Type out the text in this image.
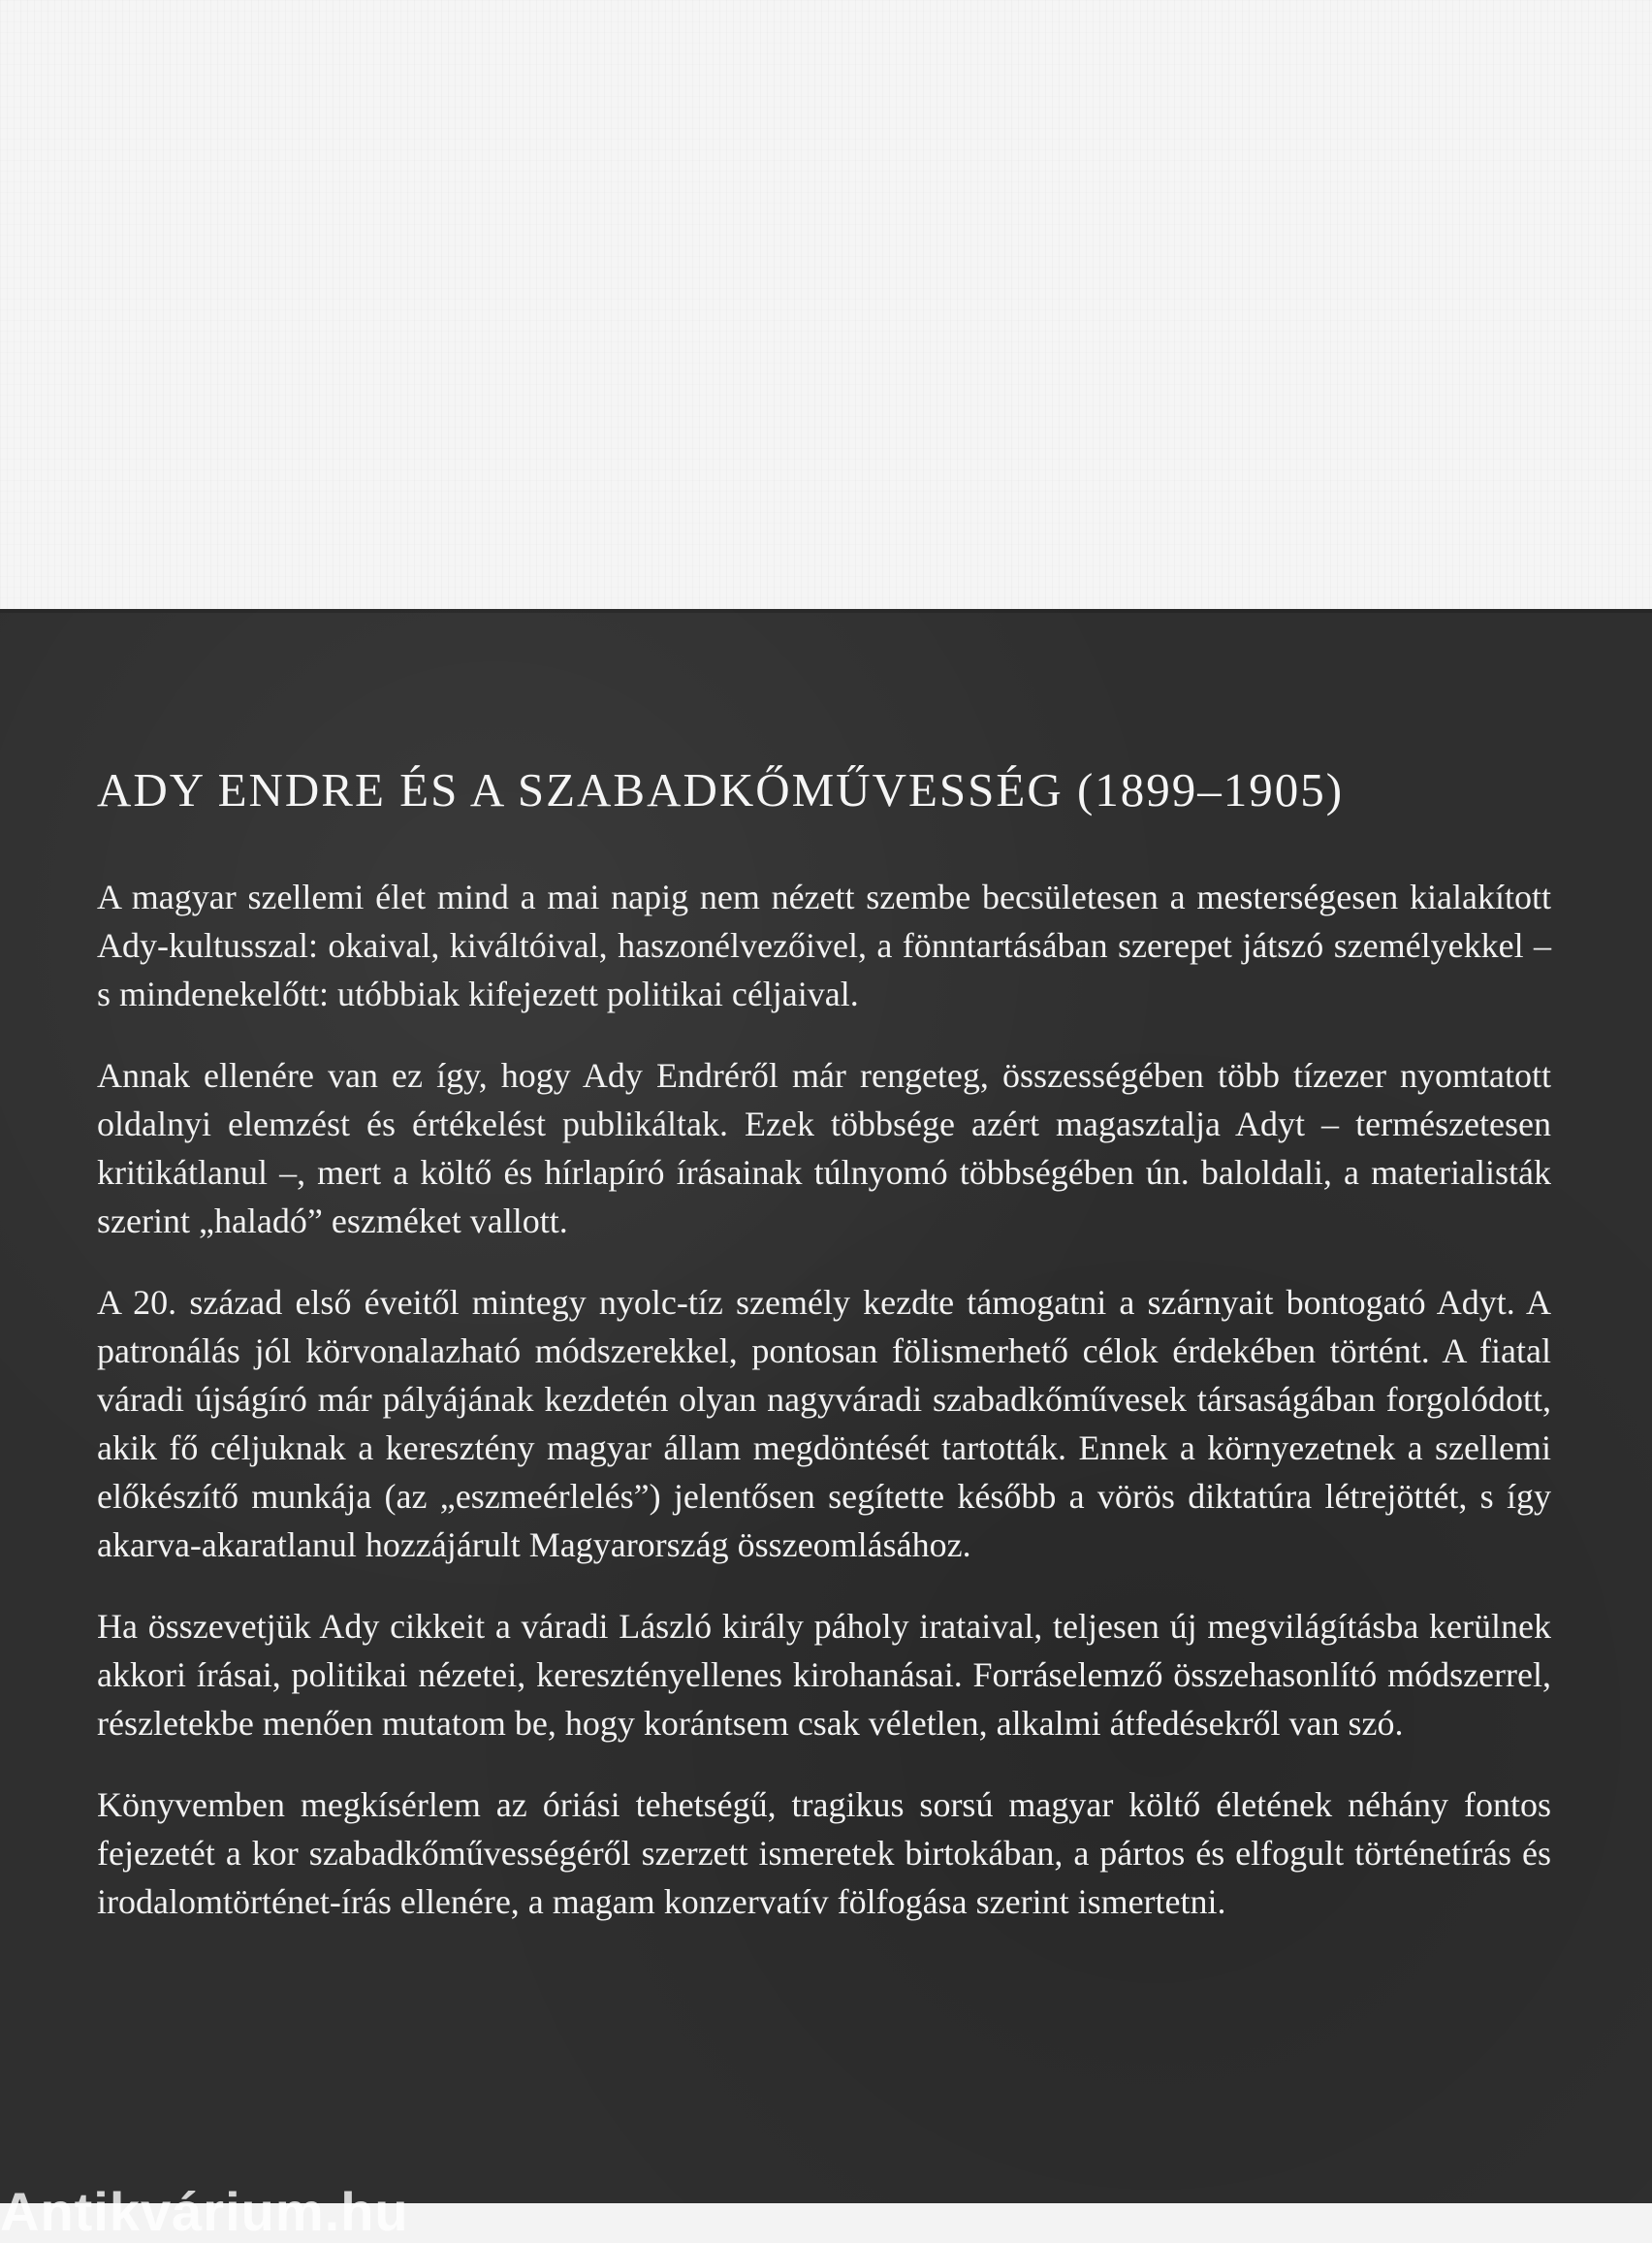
ADY ENDRE ÉS A SZABADKŐMŰVESSÉG (1899–1905)

A magyar szellemi élet mind a mai napig nem nézett szembe becsületesen a mesterségesen kialakított Ady-kultusszal: okaival, kiváltóival, haszonélvezőivel, a fönntartásában szerepet játszó személyekkel – s mindenekelőtt: utóbbiak kifejezett politikai céljaival.

Annak ellenére van ez így, hogy Ady Endréről már rengeteg, összességében több tízezer nyomtatott oldalnyi elemzést és értékelést publikáltak. Ezek többsége azért magasztalja Adyt – természetesen kritikátlanul –, mert a költő és hírlapíró írásainak túlnyomó többségében ún. baloldali, a materialisták szerint „haladó” eszméket vallott.

A 20. század első éveitől mintegy nyolc-tíz személy kezdte támogatni a szárnyait bontogató Adyt. A patronálás jól körvonalazható módszerekkel, pontosan fölismerhető célok érdekében történt. A fiatal váradi újságíró már pályájának kezdetén olyan nagyváradi szabadkőművesek társaságában forgolódott, akik fő céljuknak a keresztény magyar állam megdöntését tartották. Ennek a környezetnek a szellemi előkészítő munkája (az „eszmeérlelés”) jelentősen segítette később a vörös diktatúra létrejöttét, s így akarva-akaratlanul hozzájárult Magyarország összeomlásához.

Ha összevetjük Ady cikkeit a váradi László király páholy irataival, teljesen új megvilágításba kerülnek akkori írásai, politikai nézetei, keresztényellenes kirohanásai. Forráselemző összehasonlító módszerrel, részletekbe menően mutatom be, hogy korántsem csak véletlen, alkalmi átfedésekről van szó.

Könyvemben megkísérlem az óriási tehetségű, tragikus sorsú magyar költő életének néhány fontos fejezetét a kor szabadkőművességéről szerzett ismeretek birtokában, a pártos és elfogult történetírás és irodalomtörténet-írás ellenére, a magam konzervatív fölfogása szerint ismertetni.

Antikvárium.hu
